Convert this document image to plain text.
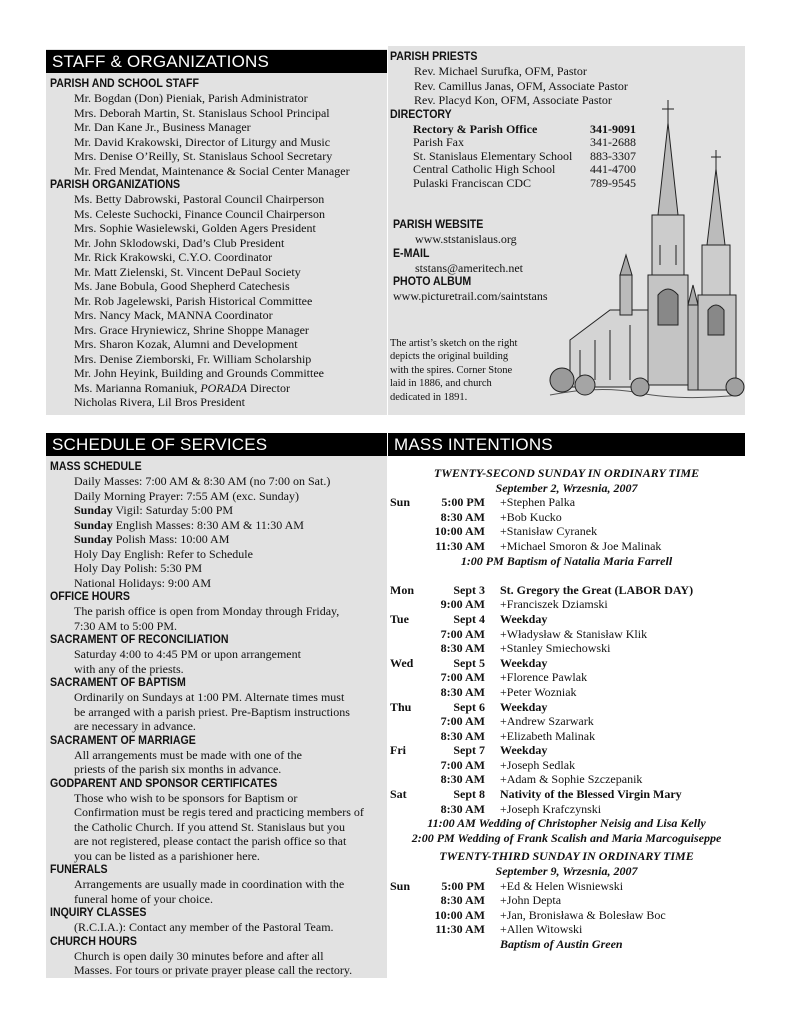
STAFF & ORGANIZATIONS
PARISH AND SCHOOL STAFF
Mr. Bogdan (Don) Pieniak, Parish Administrator
Mrs. Deborah Martin, St. Stanislaus School Principal
Mr. Dan Kane Jr., Business Manager
Mr. David Krakowski, Director of Liturgy and Music
Mrs. Denise O’Reilly, St. Stanislaus School Secretary
Mr. Fred Mendat, Maintenance & Social Center Manager
PARISH ORGANIZATIONS
Ms. Betty Dabrowski, Pastoral Council Chairperson
Ms. Celeste Suchocki, Finance Council Chairperson
Mrs. Sophie Wasielewski, Golden Agers President
Mr. John Sklodowski, Dad’s Club President
Mr. Rick Krakowski, C.Y.O. Coordinator
Mr. Matt Zielenski, St. Vincent DePaul Society
Ms. Jane Bobula, Good Shepherd Catechesis
Mr. Rob Jagelewski, Parish Historical Committee
Mrs. Nancy Mack, MANNA Coordinator
Mrs. Grace Hryniewicz, Shrine Shoppe Manager
Mrs. Sharon Kozak, Alumni and Development
Mrs. Denise Ziemborski, Fr. William Scholarship
Mr. John Heyink, Building and Grounds Committee
Ms. Marianna Romaniuk, PORADA Director
Nicholas Rivera, Lil Bros President
PARISH PRIESTS
Rev. Michael Surufka, OFM, Pastor
Rev. Camillus Janas, OFM, Associate Pastor
Rev. Placyd Kon, OFM, Associate Pastor
DIRECTORY
Rectory & Parish Office	341-9091
Parish Fax	341-2688
St. Stanislaus Elementary School 883-3307
Central Catholic High School	441-4700
Pulaski Franciscan CDC	789-9545
PARISH WEBSITE
www.ststanislaus.org
E-MAIL
ststans@ameritech.net
PHOTO ALBUM
www.picturetrail.com/saintstans
The artist’s sketch on the right
depicts the original building
with the spires. Corner Stone
laid in 1886, and church
dedicated in 1891.
SCHEDULE OF SERVICES
MASS SCHEDULE
Daily Masses: 7:00 AM & 8:30 AM (no 7:00 on Sat.)
Daily Morning Prayer: 7:55 AM (exc. Sunday)
Sunday Vigil: Saturday 5:00 PM
Sunday English Masses: 8:30 AM & 11:30 AM
Sunday Polish Mass: 10:00 AM
Holy Day English: Refer to Schedule
Holy Day Polish: 5:30 PM
National Holidays: 9:00 AM
OFFICE HOURS
The parish office is open from Monday through Friday,
7:30 AM to 5:00 PM.
SACRAMENT OF RECONCILIATION
Saturday 4:00 to 4:45 PM or upon arrangement
with any of the priests.
SACRAMENT OF BAPTISM
Ordinarily on Sundays at 1:00 PM. Alternate times must
be arranged with a parish priest. Pre-Baptism instructions
are necessary in advance.
SACRAMENT OF MARRIAGE
All arrangements must be made with one of the
priests of the parish six months in advance.
GODPARENT AND SPONSOR CERTIFICATES
Those who wish to be sponsors for Baptism or
Confirmation must be regis tered and practicing members of
the Catholic Church. If you attend St. Stanislaus but you
are not registered, please contact the parish office so that
you can be listed as a parishioner here.
FUNERALS
Arrangements are usually made in coordination with the
funeral home of your choice.
INQUIRY CLASSES
(R.C.I.A.): Contact any member of the Pastoral Team.
CHURCH HOURS
Church is open daily 30 minutes before and after all
Masses. For tours or private prayer please call the rectory.
MASS INTENTIONS
TWENTY-SECOND SUNDAY IN ORDINARY TIME
September 2, Wrzesnia, 2007
Sun	5:00 PM +Stephen Palka
8:30 AM +Bob Kucko
10:00 AM +Stanisław Cyranek
11:30 AM +Michael Smoron & Joe Malinak
1:00 PM Baptism of Natalia Maria Farrell
Mon	Sept 3 St. Gregory the Great (LABOR DAY)
9:00 AM +Franciszek Dziamski
Tue	Sept 4 Weekday
7:00 AM +Władysław & Stanisław Klik
8:30 AM +Stanley Smiechowski
Wed	Sept 5 Weekday
7:00 AM +Florence Pawlak
8:30 AM +Peter Wozniak
Thu	Sept 6 Weekday
7:00 AM +Andrew Szarwark
8:30 AM +Elizabeth Malinak
Fri	Sept 7 Weekday
7:00 AM +Joseph Sedlak
8:30 AM +Adam & Sophie Szczepanik
Sat	Sept 8 Nativity of the Blessed Virgin Mary
8:30 AM +Joseph Krafczynski
11:00 AM Wedding of Christopher Neisig and Lisa Kelly
2:00 PM Wedding of Frank Scalish and Maria Marcoguiseppe
TWENTY-THIRD SUNDAY IN ORDINARY TIME
September 9, Wrzesnia, 2007
Sun	5:00 PM +Ed & Helen Wisniewski
8:30 AM +John Depta
10:00 AM +Jan, Bronisława & Bolesław Boc
11:30 AM +Allen Witowski
Baptism of Austin Green
